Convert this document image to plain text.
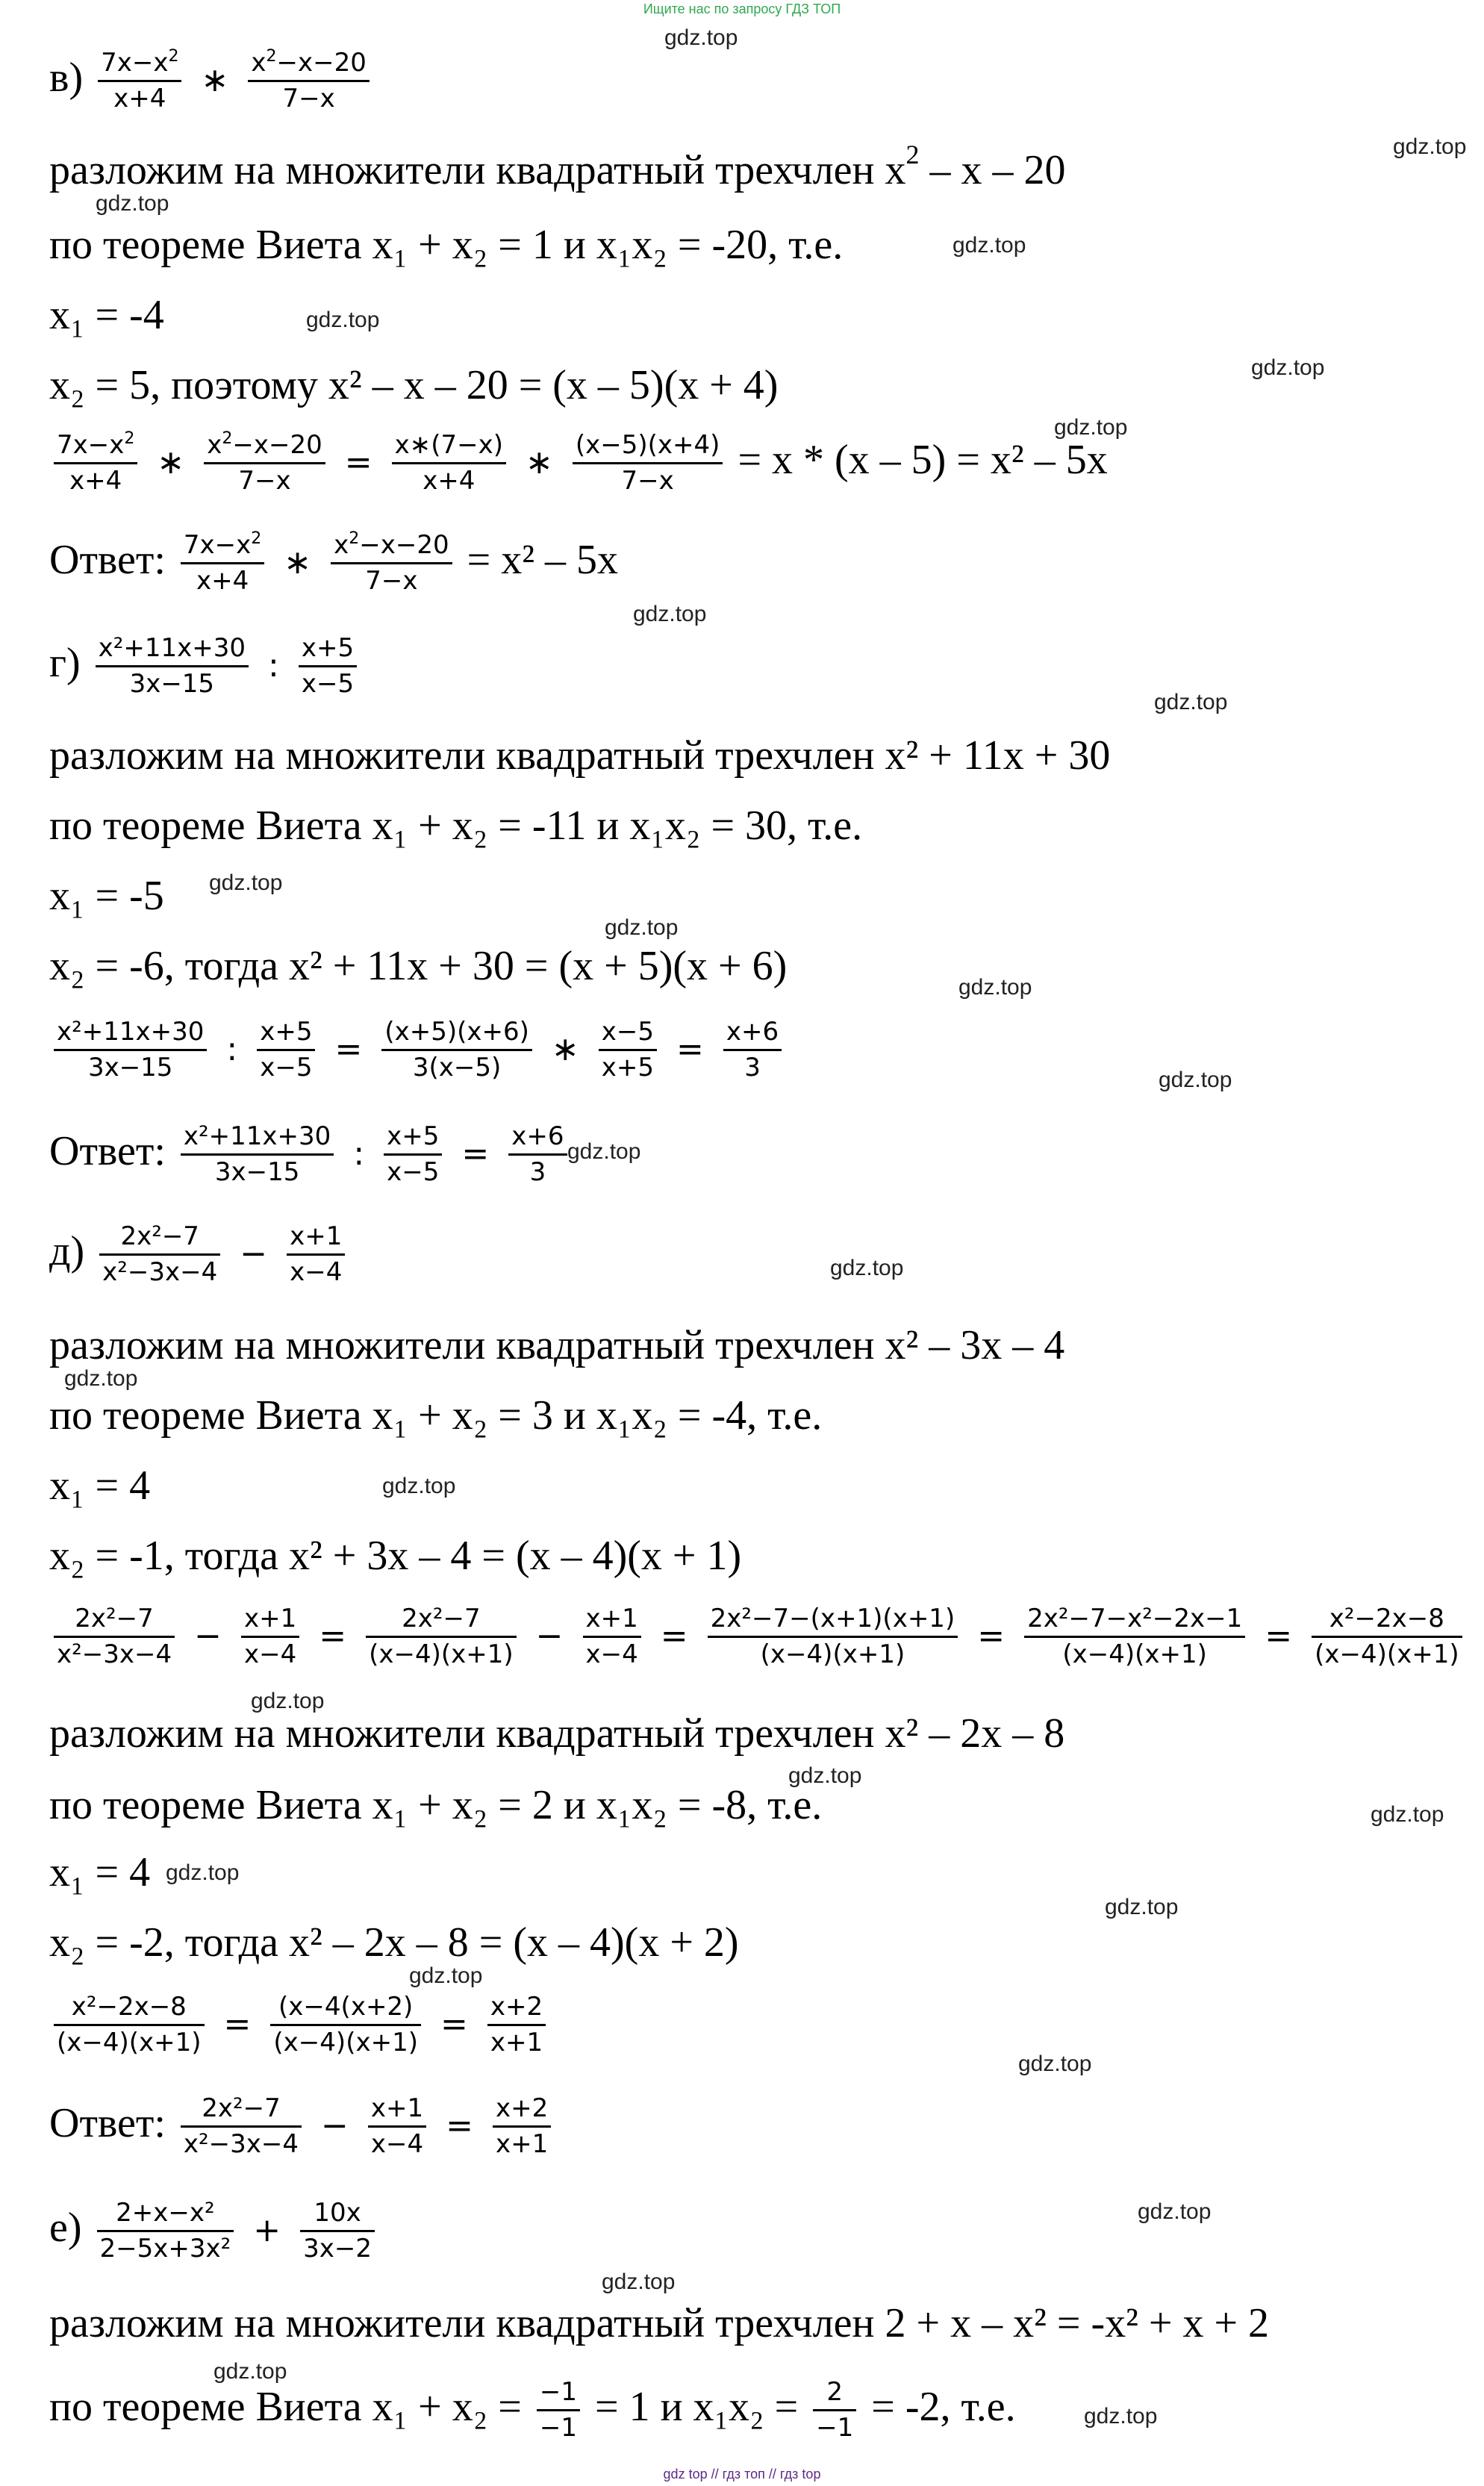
Ищите нас по запросу ГДЗ ТОП
$в) \frac{7x-x^2}{x+4}$ ∗ $\frac{x^2-x-20}{7-x}$
разложим на множители квадратный трехчлен $x^2$ – x – 20
по теореме Виета x₁ + x₂ = 1 и x₁x₂ = -20, т.е.
x₁ = -4
x₂ = 5, поэтому x² – x – 20 = (x – 5)(x + 4)
$\frac{7x-x^2}{x+4}$ ∗ $\frac{x^2-x-20}{7-x} = \frac{x∗(7-x)}{x+4}$ ∗ $\frac{(x-5)(x+4)}{7-x} = x * (x - 5) = x^2 - 5x$
Ответ: $\frac{7x-x^2}{x+4}$ ∗ $\frac{x^2-x-20}{7-x} = x^2 - 5x$
$г) \frac{\text{x²+11x+30}}{3x-15}$ : $\frac{x+5}{x-5}$
разложим на множители квадратный трехчлен x² + 11x + 30
по теореме Виета x₁ + x₂ = -11 и x₁x₂ = 30, т.е.
x₁ = -5
x₂ = -6, тогда x² + 11x + 30 = (x + 5)(x + 6)
$\frac{\text{x²+11x+30}}{3x-15}$ : $\frac{x+5}{x-5} = \frac{(x+5)(x+6)}{3(x-5)}$ ∗ $\frac{x-5}{x+5} = \frac{x+6}{3}$
Ответ: $\frac{\text{x²+11x+30}}{3x-15}$ : $\frac{x+5}{x-5} = \frac{x+6}{3}$
$д) \frac{\text{2x²−7}}{\text{x²−3x−4}} - \frac{x+1}{x-4}$
разложим на множители квадратный трехчлен x² – 3x – 4
по теореме Виета x₁ + x₂ = 3 и x₁x₂ = -4, т.е.
x₁ = 4
x₂ = -1, тогда x² + 3x – 4 = (x – 4)(x + 1)
$\frac{\text{2x²−7}}{\text{x²−3x−4}} - \frac{x+1}{x-4} = \frac{\text{2x²−7}}{(x-4)(x+1)} - \frac{x+1}{x-4} = \frac{\text{2x²−7−(x+1)(x+1)}}{(x-4)(x+1)} = \frac{\text{2x²−7−x²−2x−1}}{(x-4)(x+1)} = \frac{\text{x²−2x−8}}{(x-4)(x+1)}$
разложим на множители квадратный трехчлен x² – 2x – 8
по теореме Виета x₁ + x₂ = 2 и x₁x₂ = -8, т.е.
x₁ = 4
x₂ = -2, тогда x² – 2x – 8 = (x – 4)(x + 2)
$\frac{\text{x²−2x−8}}{(x-4)(x+1)} = \frac{(x-4(x+2)}{(x-4)(x+1)} = \frac{x+2}{x+1}$
Ответ: $\frac{\text{2x²−7}}{\text{x²−3x−4}} - \frac{x+1}{x-4} = \frac{x+2}{x+1}$
$е) \frac{\text{2+x−x²}}{\text{2−5x+3x²}} + \frac{10x}{3x-2}$
разложим на множители квадратный трехчлен 2 + x – x² = -x² + x + 2
по теореме Виета $x_1 + x_2 = \frac{-1}{-1} = 1$ и $x_1x_2 = \frac{2}{-1} = -2$, т.е.
gdz.top
gdz.top
gdz.top
gdz.top
gdz.top
gdz.top
gdz.top
gdz.top
gdz.top
gdz.top
gdz.top
gdz.top
gdz.top
gdz.top
gdz.top
gdz.top
gdz.top
gdz.top
gdz.top
gdz.top
gdz.top
gdz.top
gdz.top
gdz.top
gdz.top
gdz.top
gdz.top
gdz.top
gdz top // гдз топ // гдз top
